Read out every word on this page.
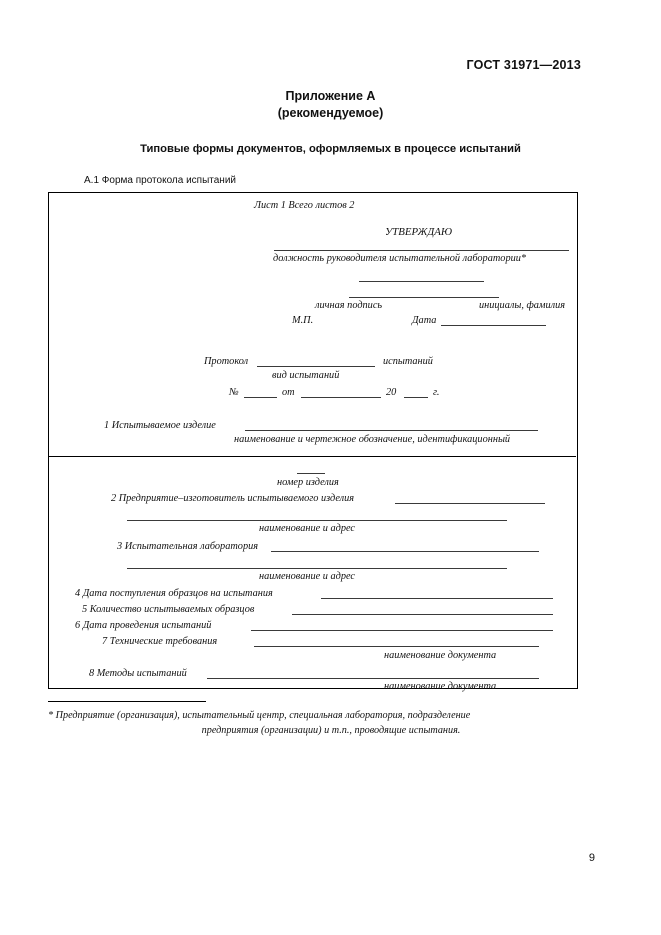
ГОСТ 31971—2013
Приложение А
(рекомендуемое)
Типовые формы документов, оформляемых в процессе испытаний
А.1 Форма протокола испытаний
Лист 1 Всего листов 2
УТВЕРЖДАЮ
должность руководителя испытательной лаборатории*
личная подпись	инициалы, фамилия
М.П.	Дата
Протокол	испытаний
вид испытаний
№	от	20	г.
1 Испытываемое изделие
наименование и чертежное обозначение, идентификационный
номер изделия
2 Предприятие–изготовитель испытываемого изделия
наименование и адрес
3 Испытательная лаборатория
наименование и адрес
4 Дата поступления образцов на испытания
5 Количество испытываемых образцов
6 Дата проведения испытаний
7 Технические требования
наименование документа
8 Методы испытаний
наименование документа
* Предприятие (организация), испытательный центр, специальная лаборатория, подразделение
предприятия (организации) и т.п., проводящие испытания.
9
